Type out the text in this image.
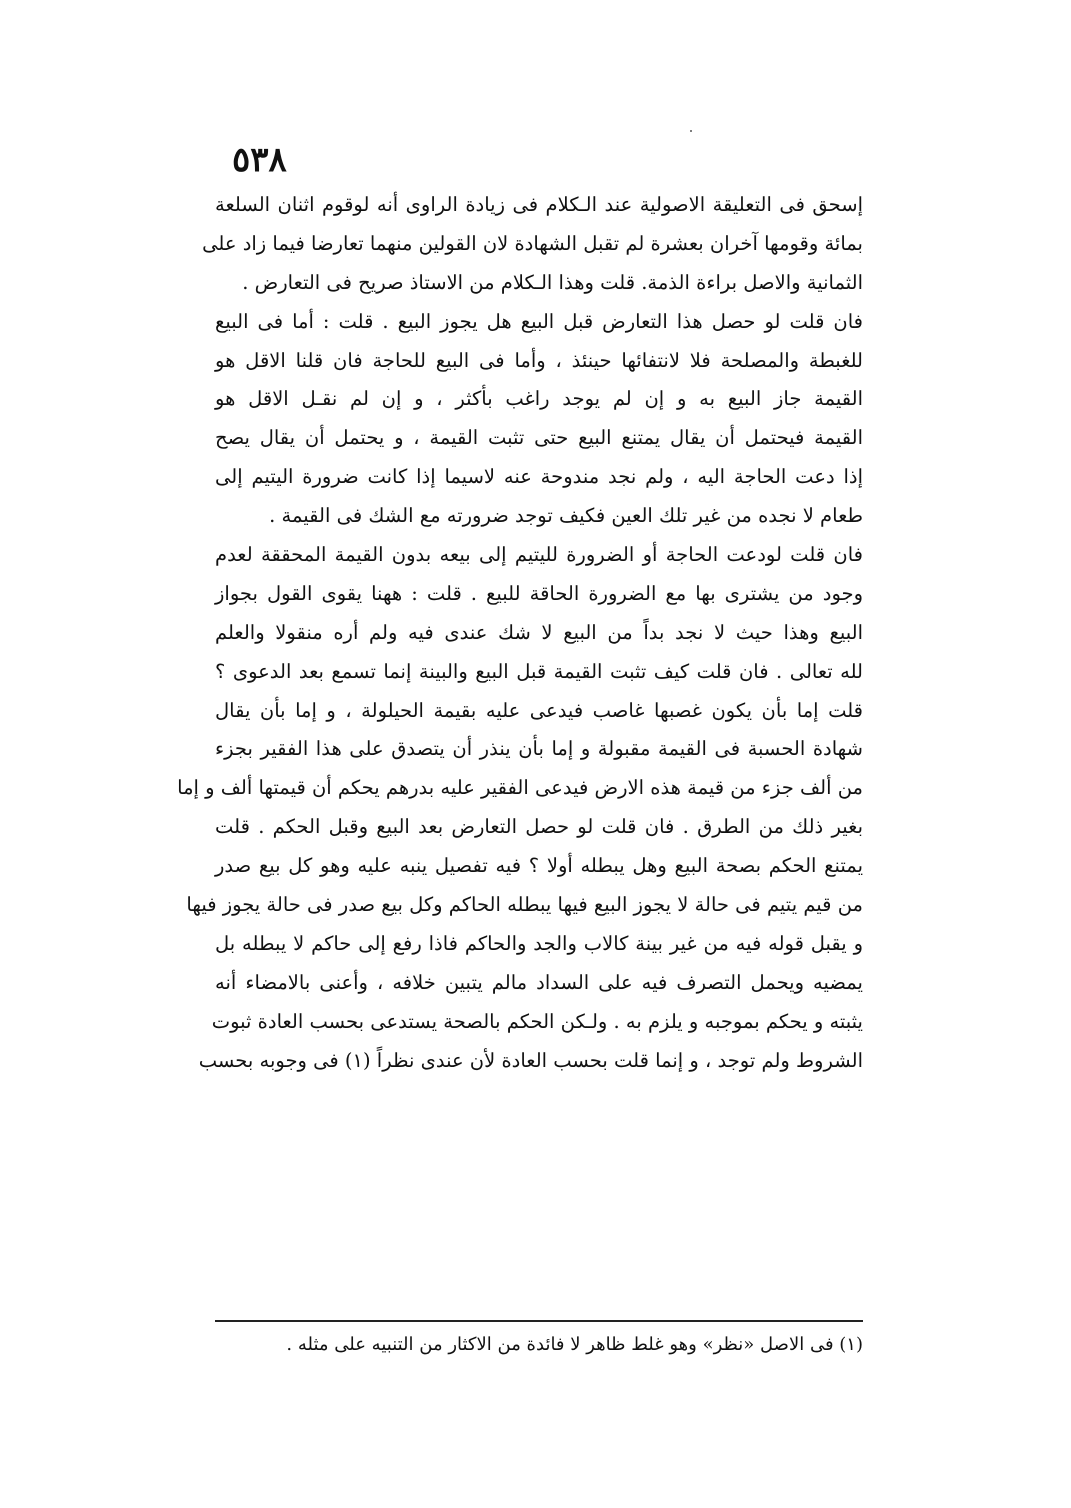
٥٣٨
إسحق فى التعليقة الاصولية عند الـكلام فى زيادة الراوى أنه لوقوم اثنان السلعة
بمائة وقومها آخران بعشرة لم تقبل الشهادة لان القولين منهما تعارضا فيما زاد على
الثمانية والاصل براءة الذمة. قلت وهذا الـكلام من الاستاذ صريح فى التعارض .
فان قلت لو حصل هذا التعارض قبل البيع هل يجوز البيع . قلت : أما فى البيع
للغبطة والمصلحة فلا لانتفائها حينئذ ، وأما فى البيع للحاجة فان قلنا الاقل هو
القيمة جاز البيع به و إن لم يوجد راغب بأكثر ، و إن لم نقـل الاقل هو
القيمة فيحتمل أن يقال يمتنع البيع حتى تثبت القيمة ، و يحتمل أن يقال يصح
إذا دعت الحاجة اليه ، ولم نجد مندوحة عنه لاسيما إذا كانت ضرورة اليتيم إلى
طعام لا نجده من غير تلك العين فكيف توجد ضرورته مع الشك فى القيمة .
فان قلت لودعت الحاجة أو الضرورة لليتيم إلى بيعه بدون القيمة المحققة لعدم
وجود من يشترى بها مع الضرورة الحاقة للبيع . قلت : ههنا يقوى القول بجواز
البيع وهذا حيث لا نجد بداً من البيع لا شك عندى فيه ولم أره منقولا والعلم
لله تعالى . فان قلت كيف تثبت القيمة قبل البيع والبينة إنما تسمع بعد الدعوى ؟
قلت إما بأن يكون غصبها غاصب فيدعى عليه بقيمة الحيلولة ، و إما بأن يقال
شهادة الحسبة فى القيمة مقبولة و إما بأن ينذر أن يتصدق على هذا الفقير بجزء
من ألف جزء من قيمة هذه الارض فيدعى الفقير عليه بدرهم يحكم أن قيمتها ألف و إما
بغير ذلك من الطرق . فان قلت لو حصل التعارض بعد البيع وقبل الحكم . قلت
يمتنع الحكم بصحة البيع وهل يبطله أولا ؟ فيه تفصيل ينبه عليه وهو كل بيع صدر
من قيم يتيم فى حالة لا يجوز البيع فيها يبطله الحاكم وكل بيع صدر فى حالة يجوز فيها
و يقبل قوله فيه من غير بينة كالاب والجد والحاكم فاذا رفع إلى حاكم لا يبطله بل
يمضيه ويحمل التصرف فيه على السداد مالم يتبين خلافه ، وأعنى بالامضاء أنه
يثبته و يحكم بموجبه و يلزم به . ولـكن الحكم بالصحة يستدعى بحسب العادة ثبوت
الشروط ولم توجد ، و إنما قلت بحسب العادة لأن عندى نظراً (١) فى وجوبه بحسب
(١) فى الاصل «نظر» وهو غلط ظاهر لا فائدة من الاكثار من التنبيه على مثله .
